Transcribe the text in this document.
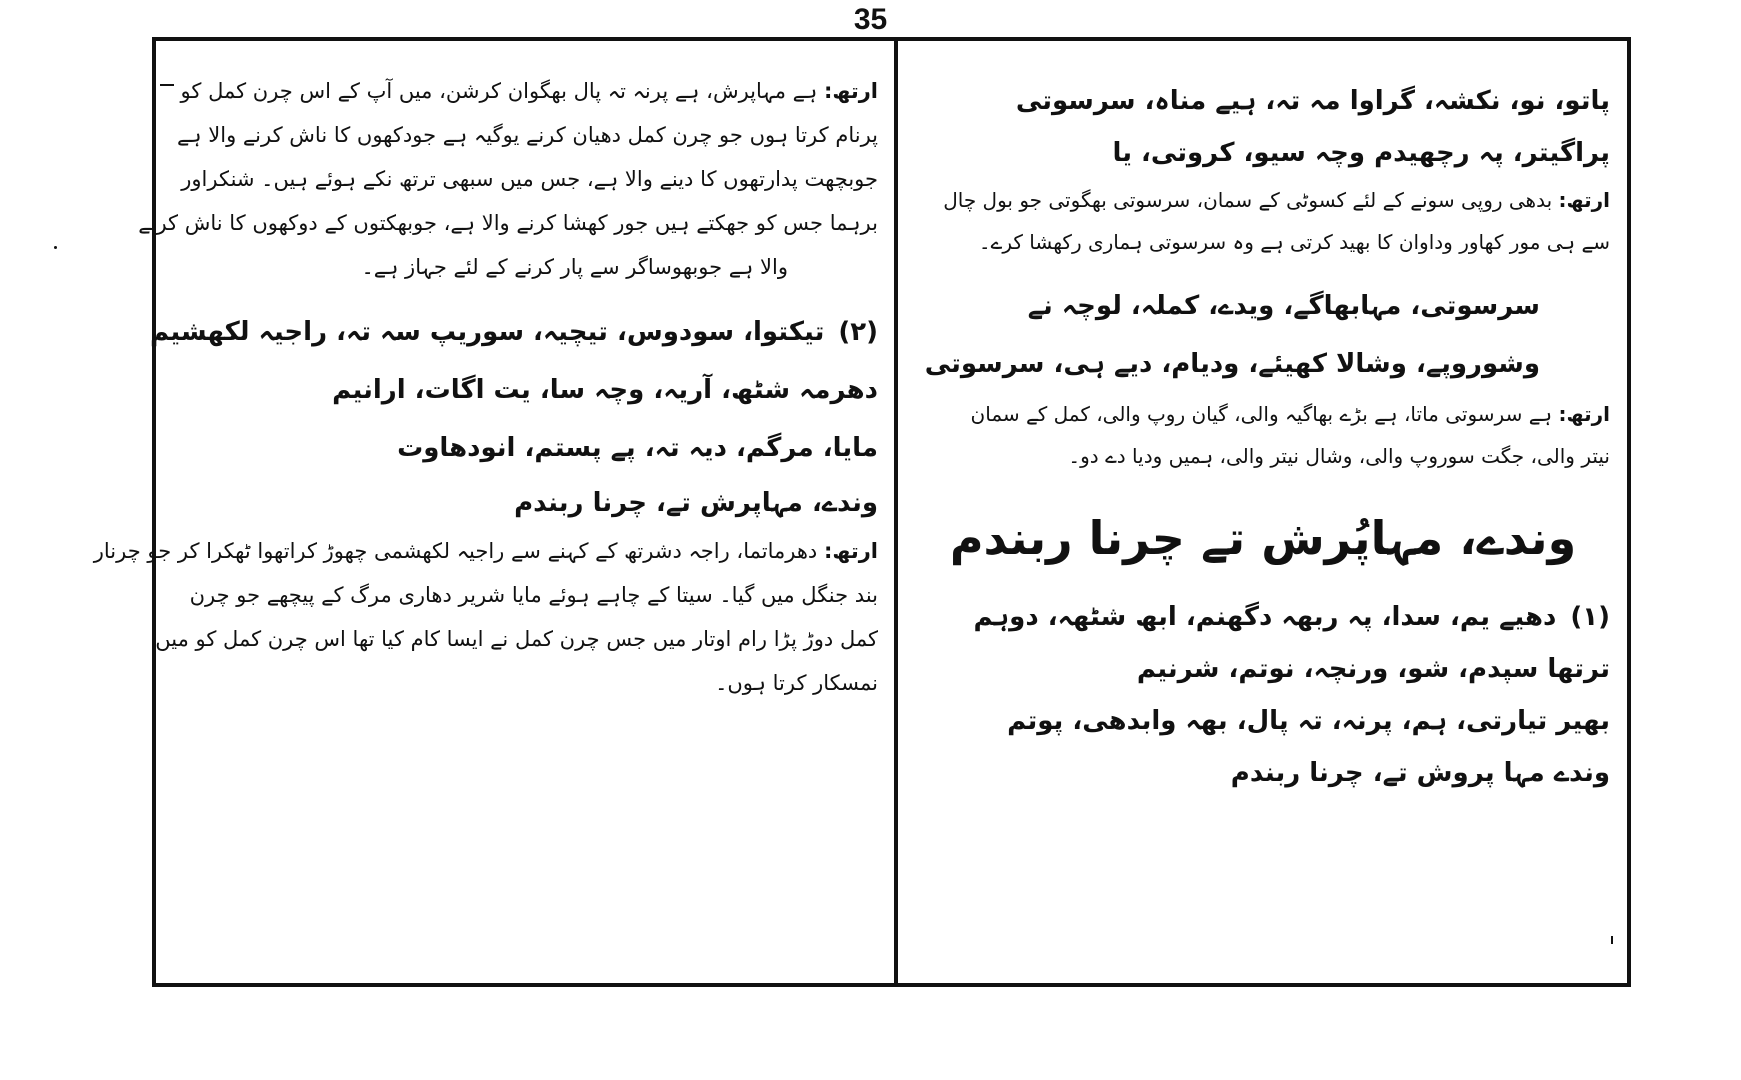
35
ارتھ: ہے مہاپرش، ہے پرنہ تہ پال بھگوان کرشن، میں آپ کے اس چرن کمل کو
پرنام کرتا ہوں جو چرن کمل دھیان کرنے یوگیہ ہے جودکھوں کا ناش کرنے والا ہے
جوبچھت پدارتھوں کا دینے والا ہے، جس میں سبھی ترتھ نکے ہوئے ہیں۔ شنکراور
برہما جس کو جھکتے ہیں جور کھشا کرنے والا ہے، جوبھکتوں کے دوکھوں کا ناش کرنے
والا ہے جوبھوساگر سے پار کرنے کے لئے جہاز ہے۔
(۲)تیکتوا، سودوس، تیچیہ، سوریپ سہ تہ، راجیہ لکھشیم
دھرمہ شٹھ، آریہ، وچہ سا، یت اگات، ارانیم
مایا، مرگم، دیہ تہ، پے پستم، انودھاوت
وندے، مہاپرش تے، چرنا ربندم
ارتھ: دھرماتما، راجہ دشرتھ کے کہنے سے راجیہ لکھشمی چھوڑ کراتھوا ٹھکرا کر جو چرنار
بند جنگل میں گیا۔ سیتا کے چاہے ہوئے مایا شریر دھاری مرگ کے پیچھے جو چرن
کمل دوڑ پڑا رام اوتار میں جس چرن کمل نے ایسا کام کیا تھا اس چرن کمل کو میں
نمسکار کرتا ہوں۔
پاتو، نو، نکشہ، گراوا مہ تہ، ہیے مناہ، سرسوتی
پراگیتر، پہ رچھیدم وچہ سیو، کروتی، یا
ارتھ: بدھی روپی سونے کے لئے کسوٹی کے سمان، سرسوتی بھگوتی جو بول چال
سے ہی مور کھاور وداوان کا بھید کرتی ہے وہ سرسوتی ہماری رکھشا کرے۔
سرسوتی، مہابھاگے، ویدے، کملہ، لوچہ نے
وشوروپے، وشالا کھیئے، ودیام، دیے ہی، سرسوتی
ارتھ: ہے سرسوتی ماتا، ہے بڑے بھاگیہ والی، گیان روپ والی، کمل کے سمان
نیتر والی، جگت سوروپ والی، وشال نیتر والی، ہمیں ودیا دے دو۔
وندے، مہاپُرش تے چرنا ربندم
(۱)دھیے یم، سدا، پہ ربھہ دگھنم، ابھ شٹھہ، دوہم
ترتھا سپدم، شو، ورنچہ، نوتم، شرنیم
بھیر تیارتی، ہم، پرنہ، تہ پال، بھہ وابدھی، پوتم
وندے مہا پروش تے، چرنا ربندم
